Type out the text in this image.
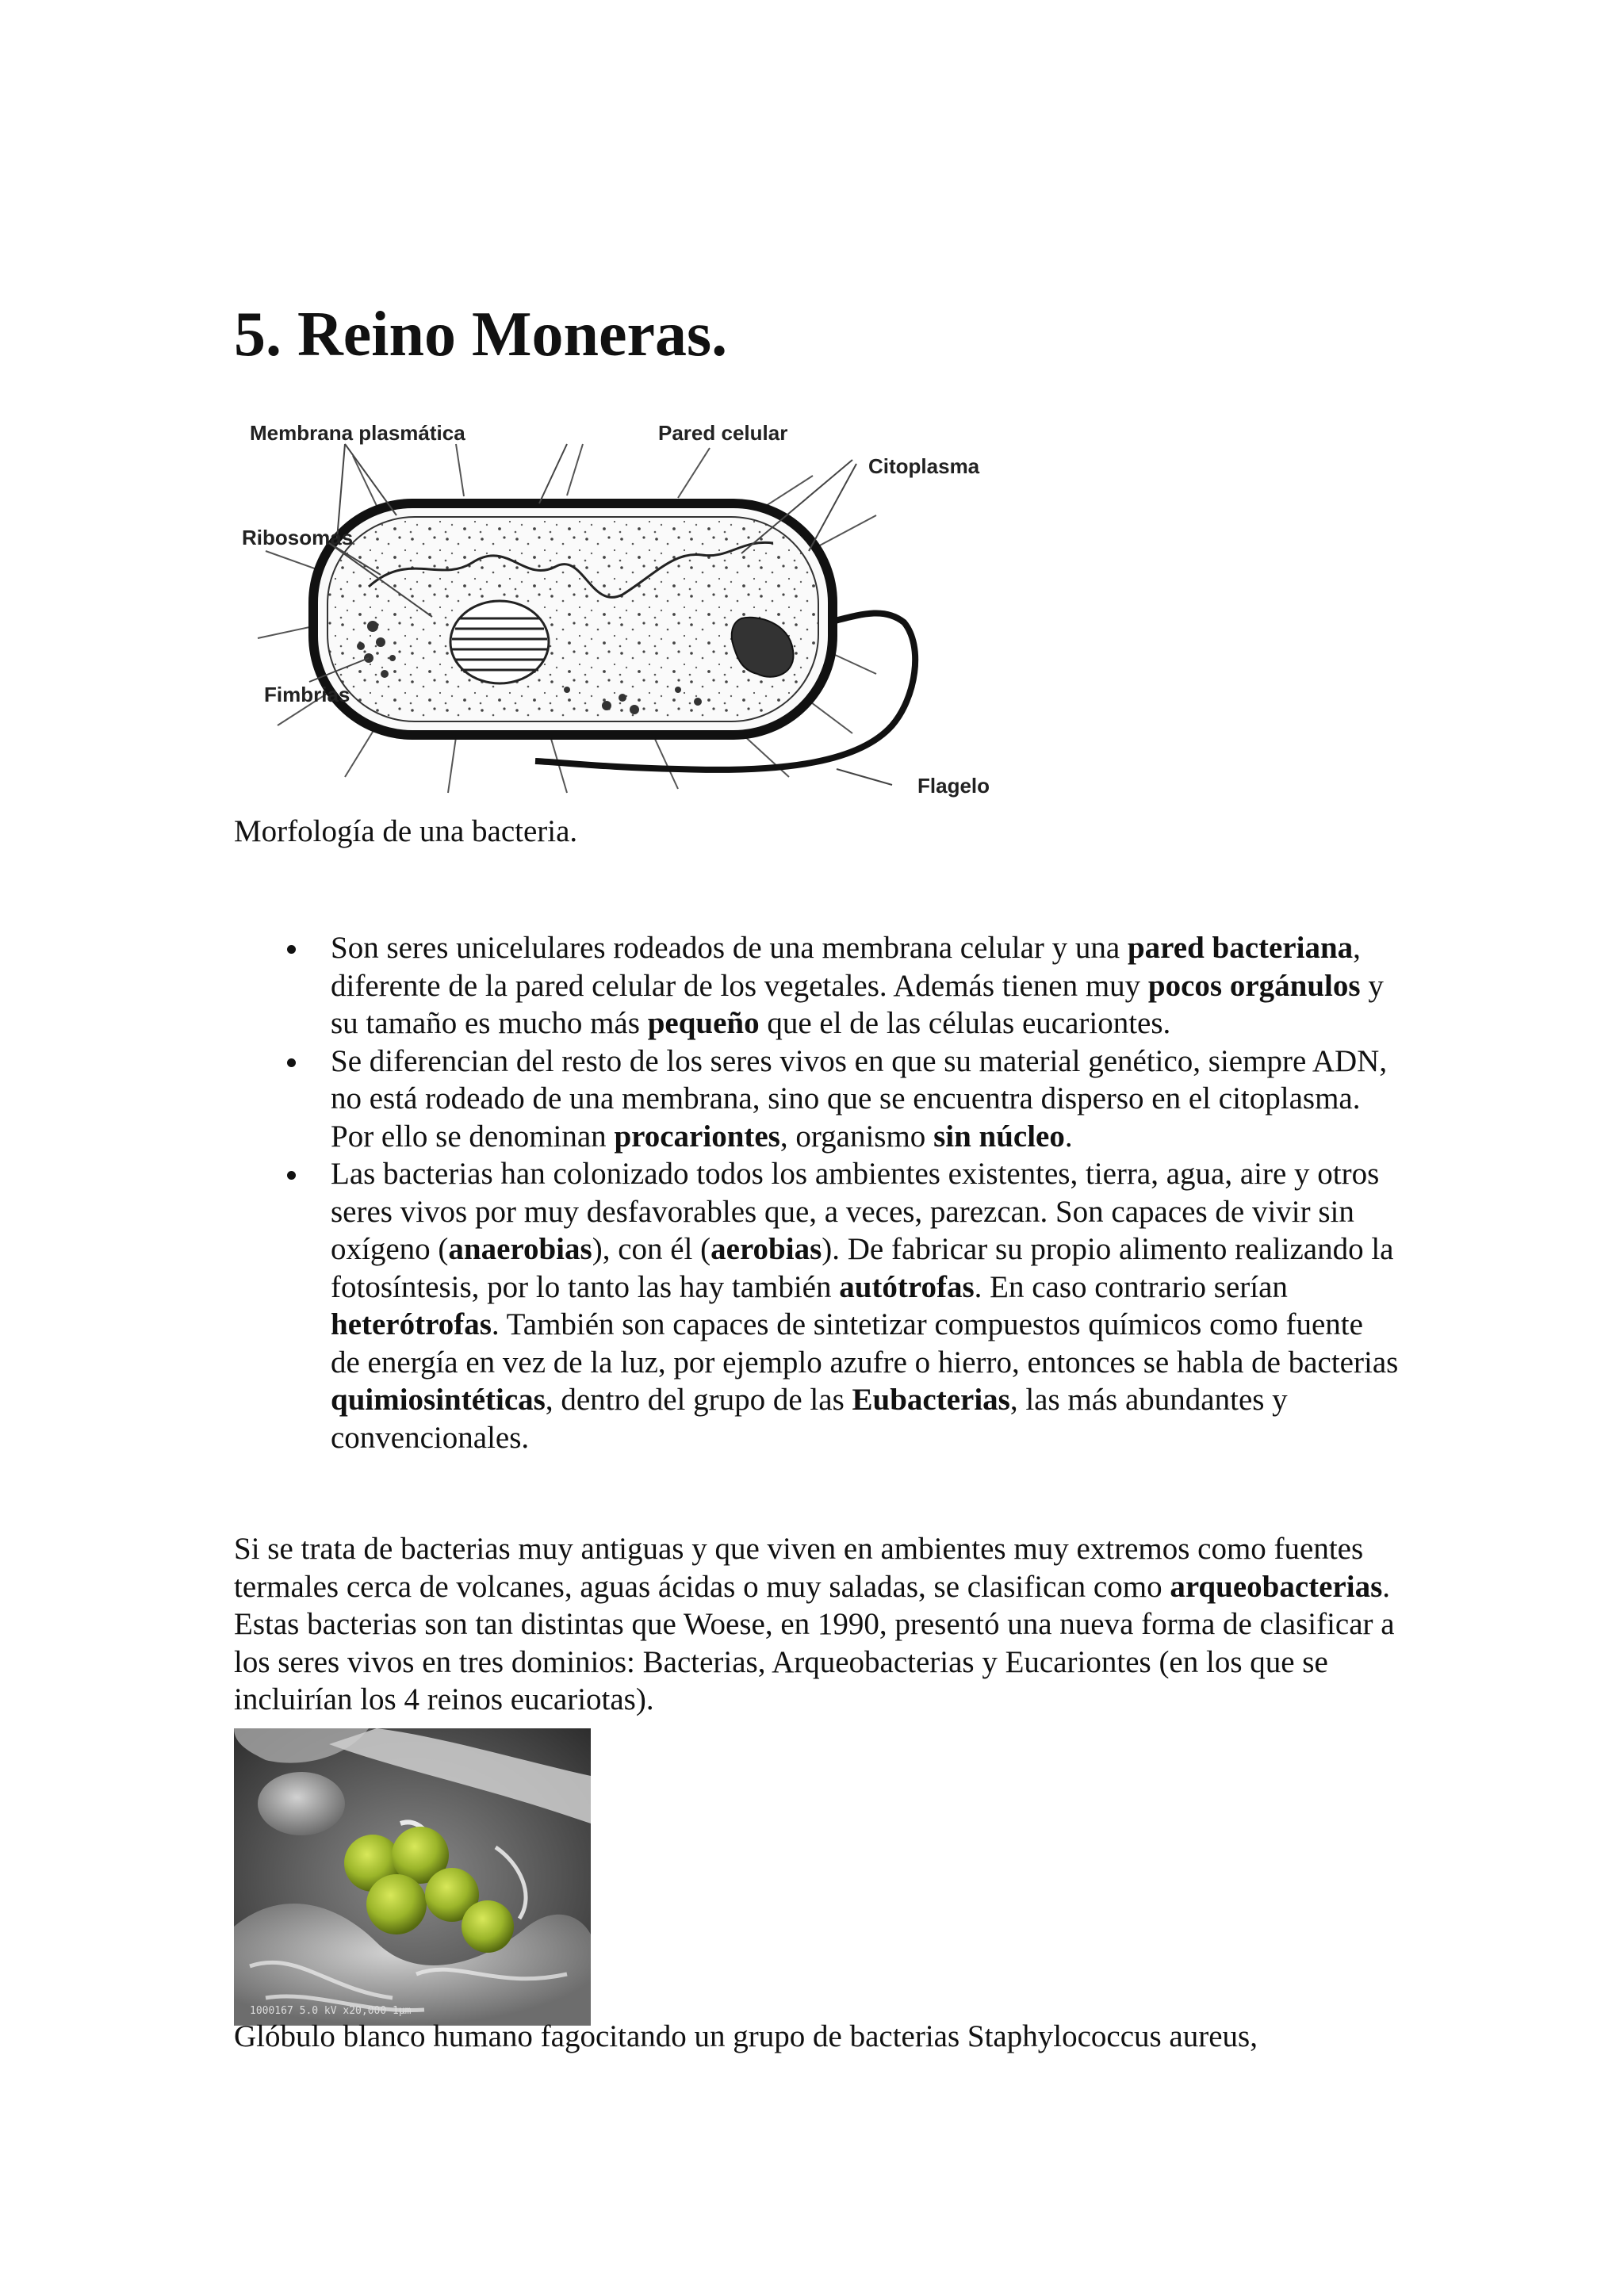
5. Reino Moneras.
Membrana plasmática	Pared celular
Citoplasma
Ribosomas
Fimbrias
Flagelo

Morfología de una bacteria.

Son seres unicelulares rodeados de una membrana celular y una pared bacteriana, diferente de la pared celular de los vegetales. Además tienen muy pocos orgánulos y su tamaño es mucho más pequeño que el de las células eucariontes.
Se diferencian del resto de los seres vivos en que su material genético, siempre ADN, no está rodeado de una membrana, sino que se encuentra disperso en el citoplasma. Por ello se denominan procariontes, organismo sin núcleo.
Las bacterias han colonizado todos los ambientes existentes, tierra, agua, aire y otros seres vivos por muy desfavorables que, a veces, parezcan. Son capaces de vivir sin oxígeno (anaerobias), con él (aerobias). De fabricar su propio alimento realizando la fotosíntesis, por lo tanto las hay también autótrofas. En caso contrario serían heterótrofas. También son capaces de sintetizar compuestos químicos como fuente de energía en vez de la luz, por ejemplo azufre o hierro, entonces se habla de bacterias quimiosintéticas, dentro del grupo de las Eubacterias, las más abundantes y convencionales.

Si se trata de bacterias muy antiguas y que viven en ambientes muy extremos como fuentes termales cerca de volcanes, aguas ácidas o muy saladas, se clasifican como arqueobacterias. Estas bacterias son tan distintas que Woese, en 1990, presentó una nueva forma de clasificar a los seres vivos en tres dominios: Bacterias, Arqueobacterias y Eucariontes (en los que se incluirían los 4 reinos eucariotas).

1000167 5.0 kV x20,000 1µm

Glóbulo blanco humano fagocitando un grupo de bacterias Staphylococcus aureus,
